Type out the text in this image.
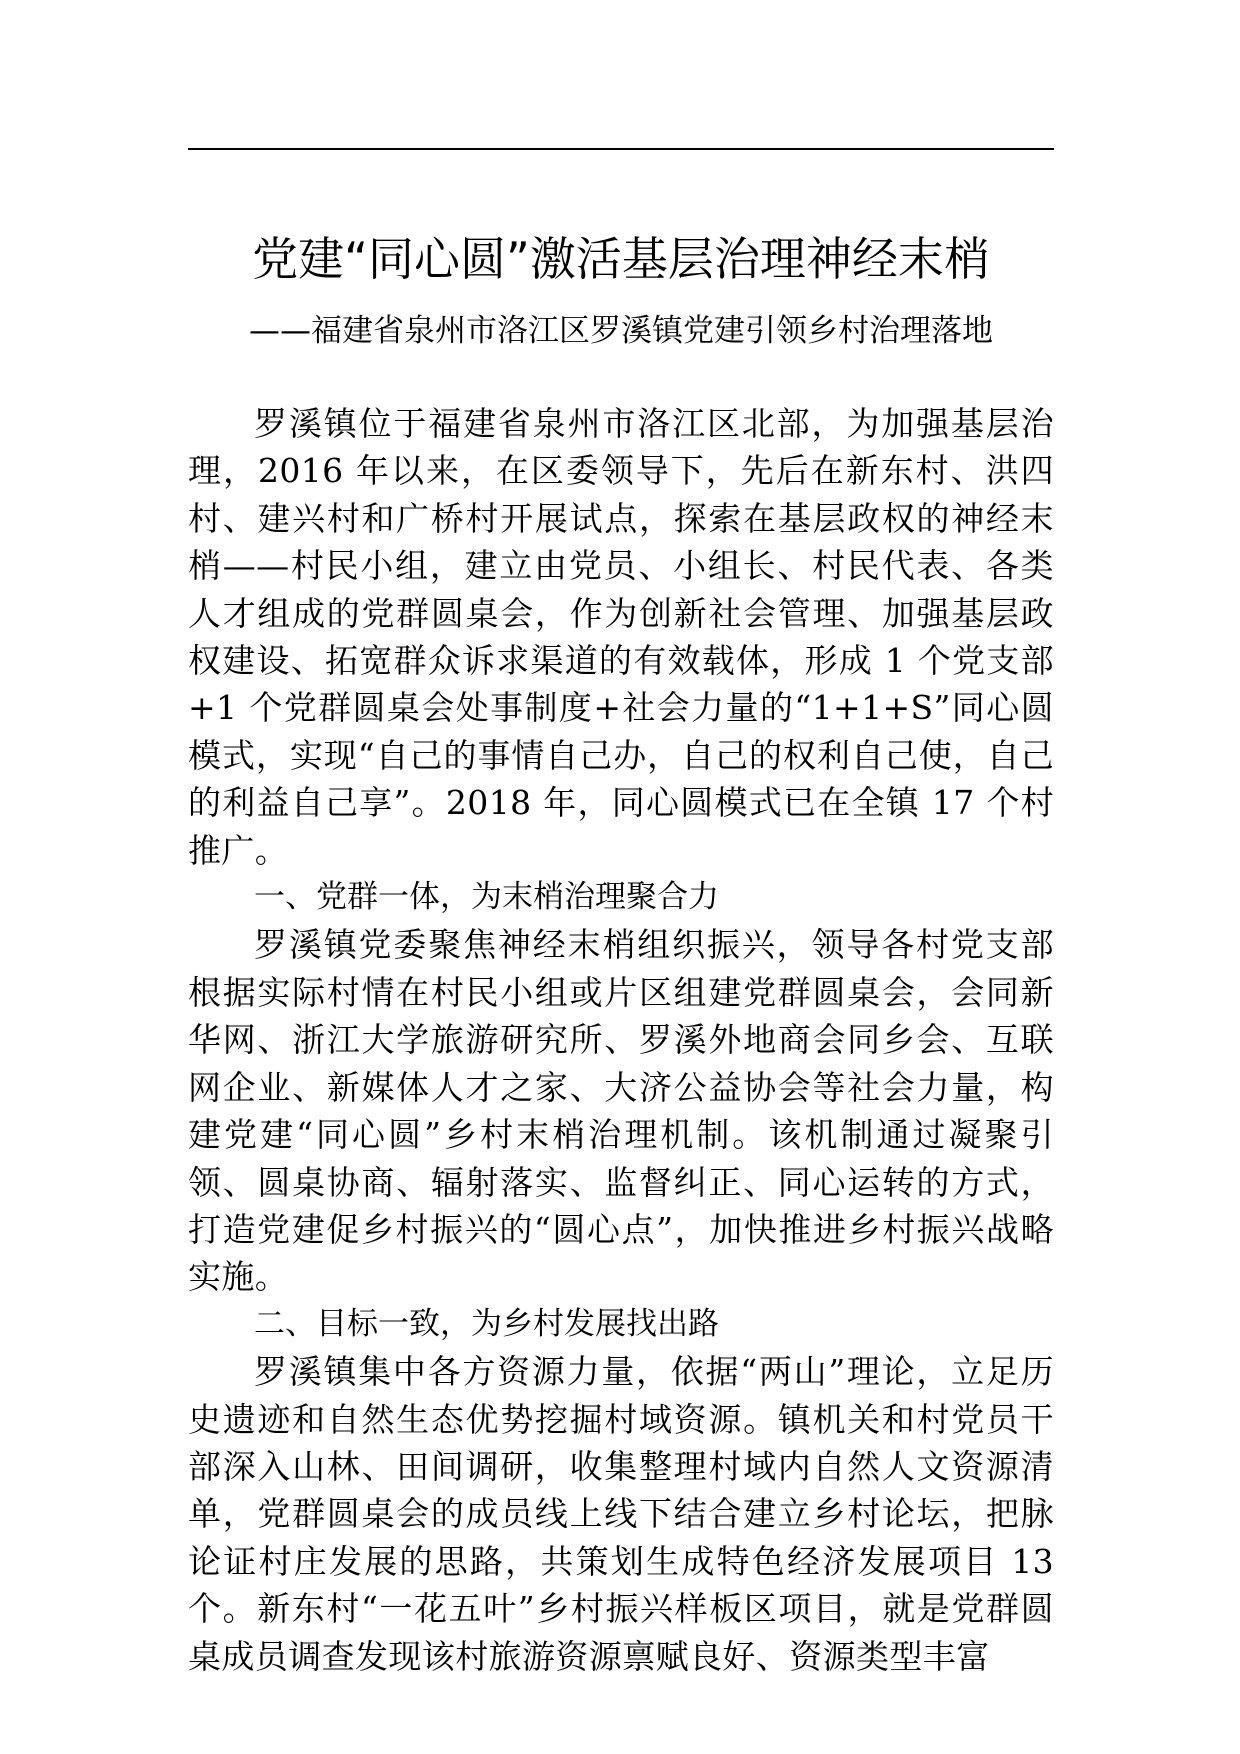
党建“同心圆”激活基层治理神经末梢

——福建省泉州市洛江区罗溪镇党建引领乡村治理落地

罗溪镇位于福建省泉州市洛江区北部，为加强基层治理，2016 年以来，在区委领导下，先后在新东村、洪四村、建兴村和广桥村开展试点，探索在基层政权的神经末梢——村民小组，建立由党员、小组长、村民代表、各类人才组成的党群圆桌会，作为创新社会管理、加强基层政权建设、拓宽群众诉求渠道的有效载体，形成 1 个党支部+1 个党群圆桌会处事制度+社会力量的“1+1+S”同心圆模式，实现“自己的事情自己办，自己的权利自己使，自己的利益自己享”。2018 年，同心圆模式已在全镇 17 个村推广。

一、党群一体，为末梢治理聚合力

罗溪镇党委聚焦神经末梢组织振兴，领导各村党支部根据实际村情在村民小组或片区组建党群圆桌会，会同新华网、浙江大学旅游研究所、罗溪外地商会同乡会、互联网企业、新媒体人才之家、大济公益协会等社会力量，构建党建“同心圆”乡村末梢治理机制。该机制通过凝聚引领、圆桌协商、辐射落实、监督纠正、同心运转的方式，打造党建促乡村振兴的“圆心点”，加快推进乡村振兴战略实施。

二、目标一致，为乡村发展找出路

罗溪镇集中各方资源力量，依据“两山”理论，立足历史遗迹和自然生态优势挖掘村域资源。镇机关和村党员干部深入山林、田间调研，收集整理村域内自然人文资源清单，党群圆桌会的成员线上线下结合建立乡村论坛，把脉论证村庄发展的思路，共策划生成特色经济发展项目 13 个。新东村“一花五叶”乡村振兴样板区项目，就是党群圆桌成员调查发现该村旅游资源禀赋良好、资源类型丰富
